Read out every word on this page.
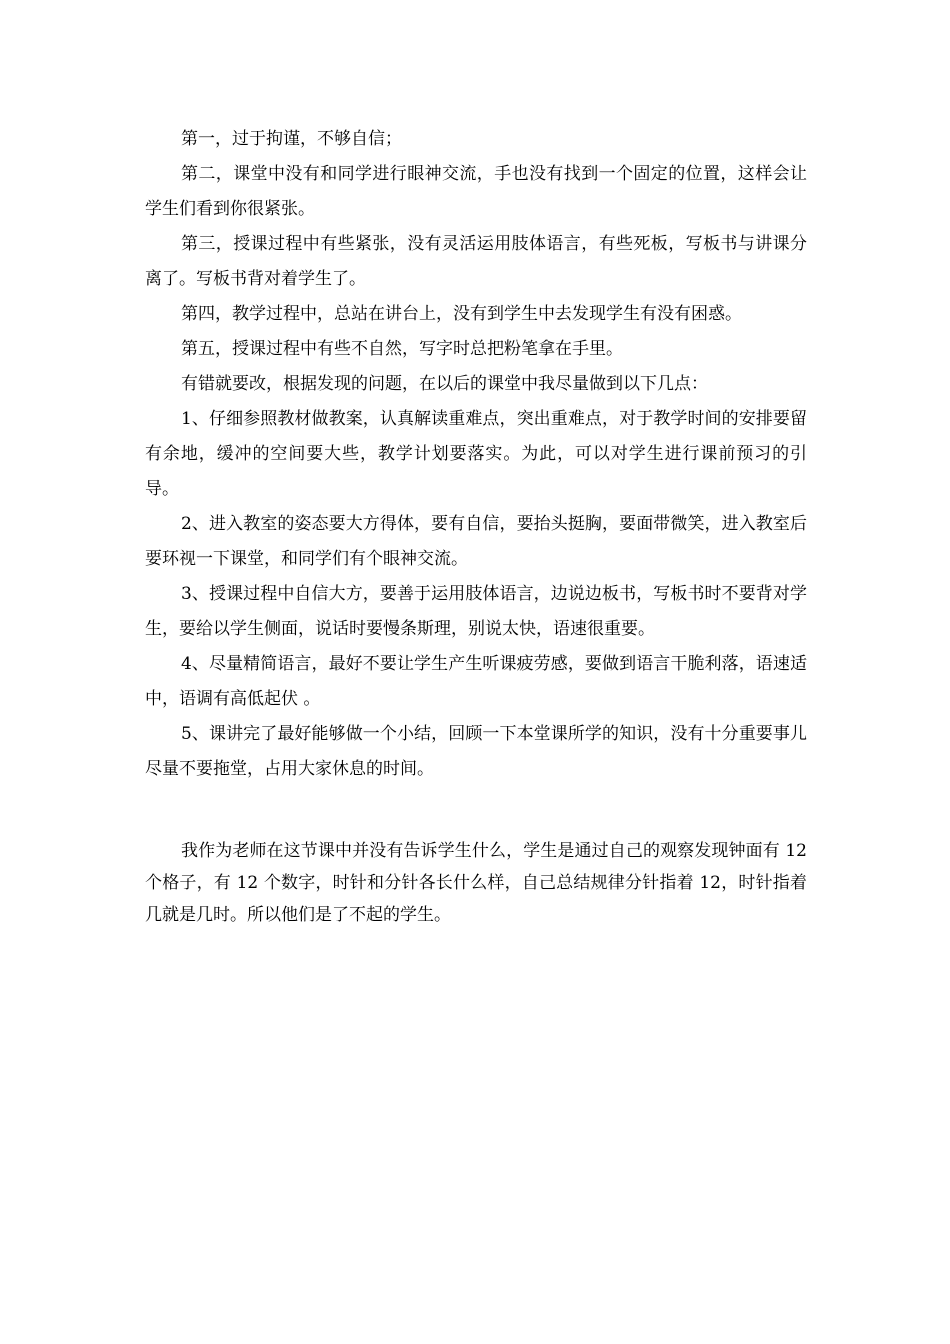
第一，过于拘谨，不够自信；

第二，课堂中没有和同学进行眼神交流，手也没有找到一个固定的位置，这样会让学生们看到你很紧张。

第三，授课过程中有些紧张，没有灵活运用肢体语言，有些死板，写板书与讲课分离了。写板书背对着学生了。

第四，教学过程中，总站在讲台上，没有到学生中去发现学生有没有困惑。

第五，授课过程中有些不自然，写字时总把粉笔拿在手里。

有错就要改，根据发现的问题，在以后的课堂中我尽量做到以下几点：

1、仔细参照教材做教案，认真解读重难点，突出重难点，对于教学时间的安排要留有余地，缓冲的空间要大些，教学计划要落实。为此，可以对学生进行课前预习的引导。

2、进入教室的姿态要大方得体，要有自信，要抬头挺胸，要面带微笑，进入教室后要环视一下课堂，和同学们有个眼神交流。

3、授课过程中自信大方，要善于运用肢体语言，边说边板书，写板书时不要背对学生，要给以学生侧面，说话时要慢条斯理，别说太快，语速很重要。

4、尽量精简语言，最好不要让学生产生听课疲劳感，要做到语言干脆利落，语速适中，语调有高低起伏 。

5、课讲完了最好能够做一个小结，回顾一下本堂课所学的知识，没有十分重要事儿尽量不要拖堂，占用大家休息的时间。

我作为老师在这节课中并没有告诉学生什么，学生是通过自己的观察发现钟面有 12 个格子，有 12 个数字，时针和分针各长什么样，自己总结规律分针指着 12，时针指着几就是几时。所以他们是了不起的学生。
